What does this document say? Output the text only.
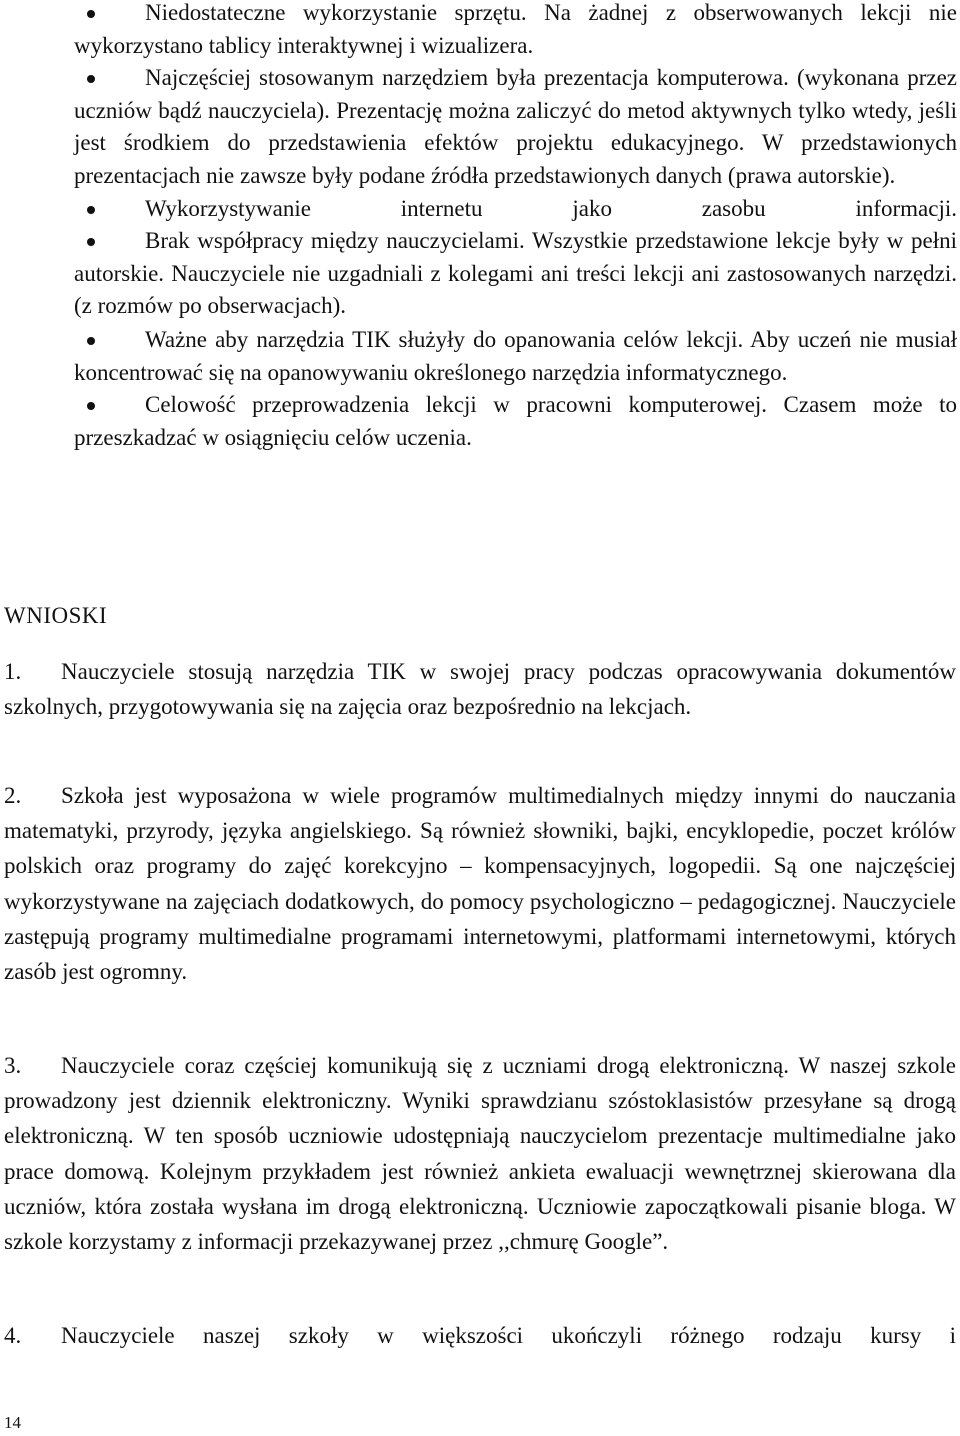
Niedostateczne wykorzystanie sprzętu. Na żadnej z obserwowanych lekcji nie wykorzystano tablicy interaktywnej i wizualizera.

Najczęściej stosowanym narzędziem była prezentacja komputerowa. (wykonana przez uczniów bądź nauczyciela). Prezentację można zaliczyć do metod aktywnych tylko wtedy, jeśli jest środkiem do przedstawienia efektów projektu edukacyjnego. W przedstawionych prezentacjach nie zawsze były podane źródła przedstawionych danych (prawa autorskie).

Wykorzystywanie internetu jako zasobu informacji.

Brak współpracy między nauczycielami. Wszystkie przedstawione lekcje były w pełni autorskie. Nauczyciele nie uzgadniali z kolegami ani treści lekcji ani zastosowanych narzędzi. (z rozmów po obserwacjach).

Ważne aby narzędzia TIK służyły do opanowania celów lekcji. Aby uczeń nie musiał koncentrować się na opanowywaniu określonego narzędzia informatycznego.

Celowość przeprowadzenia lekcji w pracowni komputerowej. Czasem może to przeszkadzać w osiągnięciu celów uczenia.

WNIOSKI

1. Nauczyciele stosują narzędzia TIK w swojej pracy podczas opracowywania dokumentów szkolnych, przygotowywania się na zajęcia oraz bezpośrednio na lekcjach.

2. Szkoła jest wyposażona w wiele programów multimedialnych między innymi do nauczania matematyki, przyrody, języka angielskiego. Są również słowniki, bajki, encyklopedie, poczet królów polskich oraz programy do zajęć korekcyjno – kompensacyjnych, logopedii. Są one najczęściej wykorzystywane na zajęciach dodatkowych, do pomocy psychologiczno – pedagogicznej. Nauczyciele zastępują programy multimedialne programami internetowymi, platformami internetowymi, których zasób jest ogromny.

3. Nauczyciele coraz częściej komunikują się z uczniami drogą elektroniczną. W naszej szkole prowadzony jest dziennik elektroniczny. Wyniki sprawdzianu szóstoklasistów przesyłane są drogą elektroniczną. W ten sposób uczniowie udostępniają nauczycielom prezentacje multimedialne jako prace domową. Kolejnym przykładem jest również ankieta ewaluacji wewnętrznej skierowana dla uczniów, która została wysłana im drogą elektroniczną. Uczniowie zapoczątkowali pisanie bloga. W szkole korzystamy z informacji przekazywanej przez ,,chmurę Google”.

4. Nauczyciele naszej szkoły w większości ukończyli różnego rodzaju kursy i

14
